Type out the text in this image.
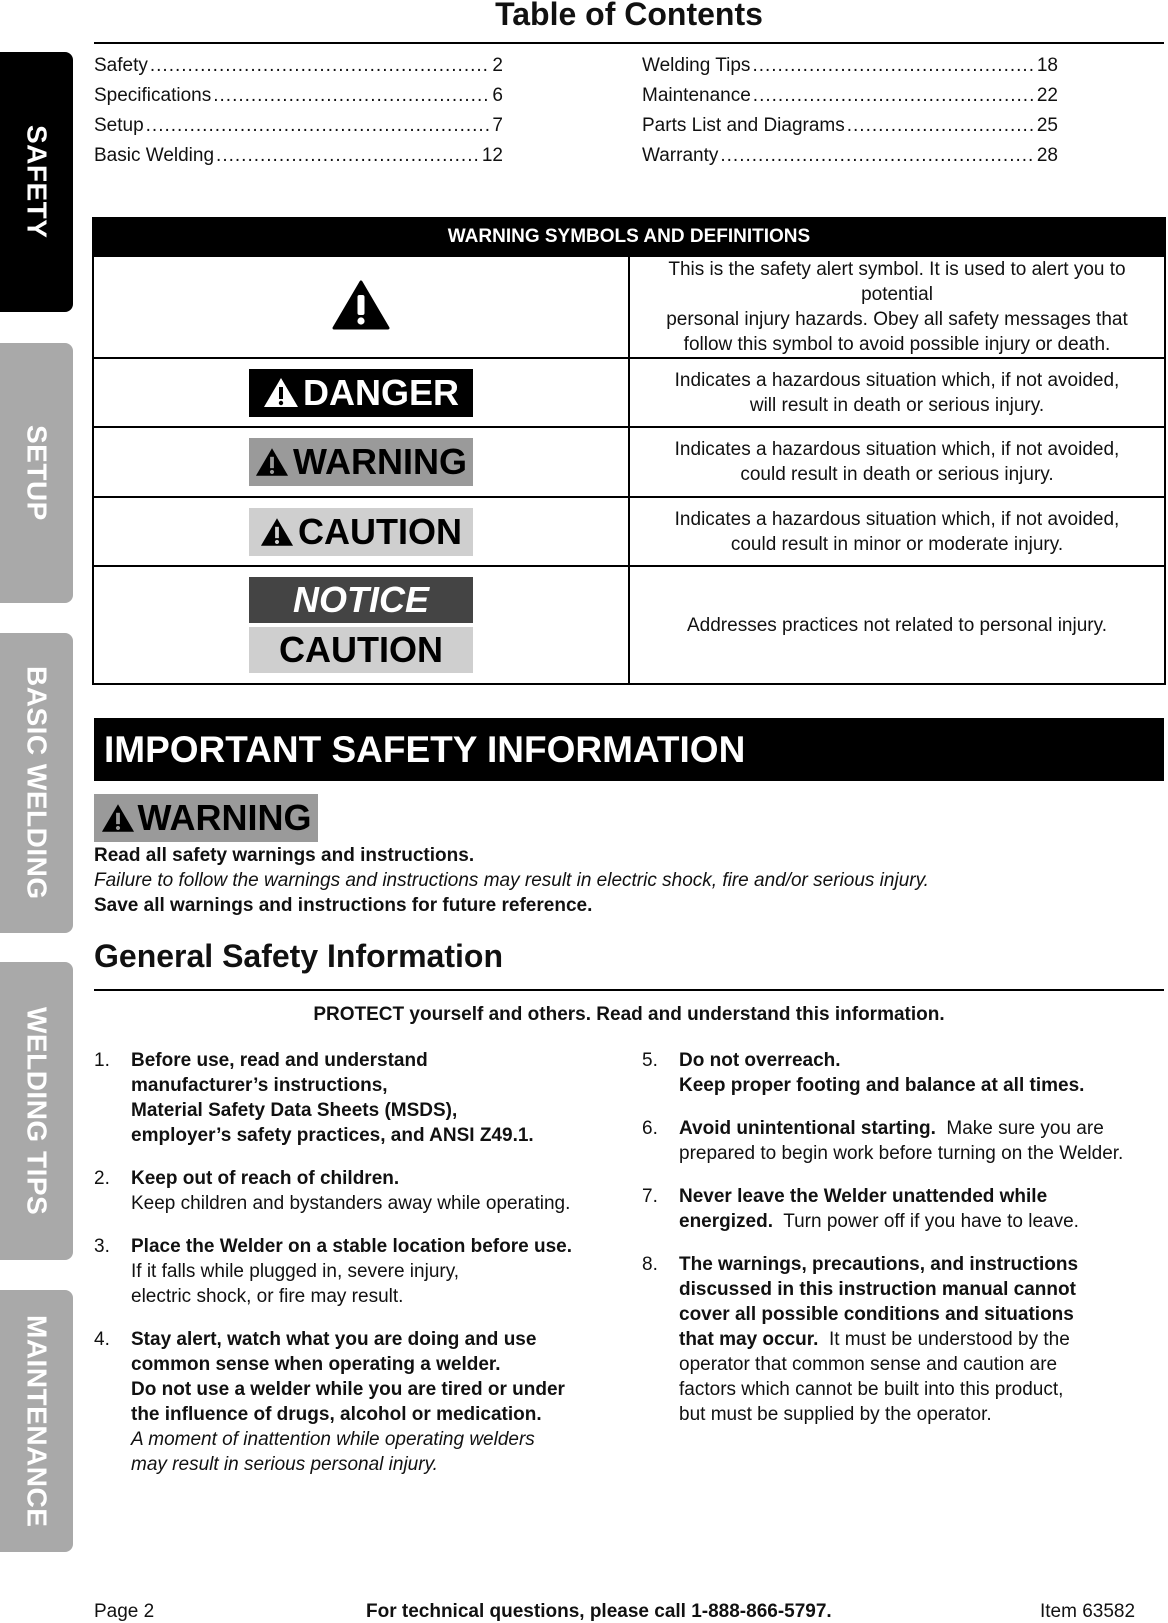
SAFETY
SETUP
BASIC WELDING
WELDING TIPS
MAINTENANCE
Table of Contents
Safety .....	2
Specifications .....	6
Setup .....	7
Basic Welding .....	12
Welding Tips .....	18
Maintenance .....	22
Parts List and Diagrams .....	25
Warranty .....	28
WARNING SYMBOLS AND DEFINITIONS	

This is the safety alert symbol. It is used to alert you to potential
personal injury hazards. Obey all safety messages that
follow this symbol to avoid possible injury or death.

DANGER	Indicates a hazardous situation which, if not avoided,
will result in death or serious injury.

WARNING	Indicates a hazardous situation which, if not avoided,
could result in death or serious injury.

CAUTION	Indicates a hazardous situation which, if not avoided,
could result in minor or moderate injury.

NOTICE
CAUTION	Addresses practices not related to personal injury.
IMPORTANT SAFETY INFORMATION
WARNING
Read all safety warnings and instructions.
Failure to follow the warnings and instructions may result in electric shock, fire and/or serious injury.
Save all warnings and instructions for future reference.
General Safety Information
PROTECT yourself and others. Read and understand this information.
1.	Before use, read and understand
manufacturer’s instructions,
Material Safety Data Sheets (MSDS),
employer’s safety practices, and ANSI Z49.1.
2.	Keep out of reach of children.
Keep children and bystanders away while operating.
3.	Place the Welder on a stable location before use.
If it falls while plugged in, severe injury,
electric shock, or fire may result.
4.	Stay alert, watch what you are doing and use
common sense when operating a welder.
Do not use a welder while you are tired or under
the influence of drugs, alcohol or medication.
A moment of inattention while operating welders
may result in serious personal injury.
5.	Do not overreach.
Keep proper footing and balance at all times.
6.	Avoid unintentional starting.  Make sure you are
prepared to begin work before turning on the Welder.
7.	Never leave the Welder unattended while
energized.  Turn power off if you have to leave.
8.	The warnings, precautions, and instructions
discussed in this instruction manual cannot
cover all possible conditions and situations
that may occur.  It must be understood by the
operator that common sense and caution are
factors which cannot be built into this product,
but must be supplied by the operator.
Page 2	For technical questions, please call 1-888-866-5797.	Item 63582
